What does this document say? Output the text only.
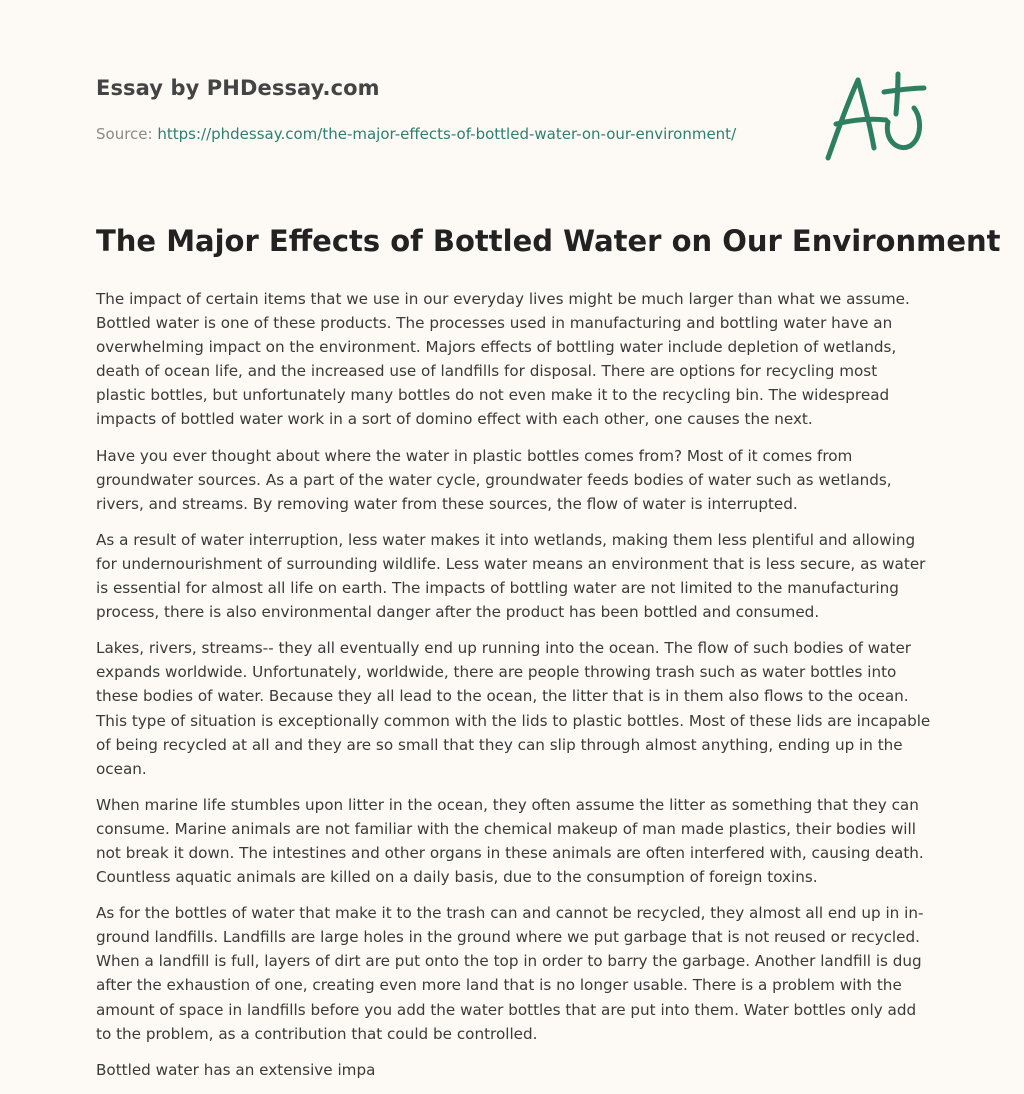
Essay by PHDessay.com
Source: https://phdessay.com/the-major-effects-of-bottled-water-on-our-environment/
The Major Effects of Bottled Water on Our Environment

The impact of certain items that we use in our everyday lives might be much larger than what we assume. Bottled water is one of these products. The processes used in manufacturing and bottling water have an overwhelming impact on the environment. Majors effects of bottling water include depletion of wetlands, death of ocean life, and the increased use of landfills for disposal. There are options for recycling most plastic bottles, but unfortunately many bottles do not even make it to the recycling bin. The widespread impacts of bottled water work in a sort of domino effect with each other, one causes the next.

Have you ever thought about where the water in plastic bottles comes from? Most of it comes from groundwater sources. As a part of the water cycle, groundwater feeds bodies of water such as wetlands, rivers, and streams. By removing water from these sources, the flow of water is interrupted.

As a result of water interruption, less water makes it into wetlands, making them less plentiful and allowing for undernourishment of surrounding wildlife. Less water means an environment that is less secure, as water is essential for almost all life on earth. The impacts of bottling water are not limited to the manufacturing process, there is also environmental danger after the product has been bottled and consumed.

Lakes, rivers, streams-- they all eventually end up running into the ocean. The flow of such bodies of water expands worldwide. Unfortunately, worldwide, there are people throwing trash such as water bottles into these bodies of water. Because they all lead to the ocean, the litter that is in them also flows to the ocean. This type of situation is exceptionally common with the lids to plastic bottles. Most of these lids are incapable of being recycled at all and they are so small that they can slip through almost anything, ending up in the ocean.

When marine life stumbles upon litter in the ocean, they often assume the litter as something that they can consume. Marine animals are not familiar with the chemical makeup of man made plastics, their bodies will not break it down. The intestines and other organs in these animals are often interfered with, causing death. Countless aquatic animals are killed on a daily basis, due to the consumption of foreign toxins.

As for the bottles of water that make it to the trash can and cannot be recycled, they almost all end up in in-ground landfills. Landfills are large holes in the ground where we put garbage that is not reused or recycled. When a landfill is full, layers of dirt are put onto the top in order to barry the garbage. Another landfill is dug after the exhaustion of one, creating even more land that is no longer usable. There is a problem with the amount of space in landfills before you add the water bottles that are put into them. Water bottles only add to the problem, as a contribution that could be controlled.

Bottled water has an extensive impa
